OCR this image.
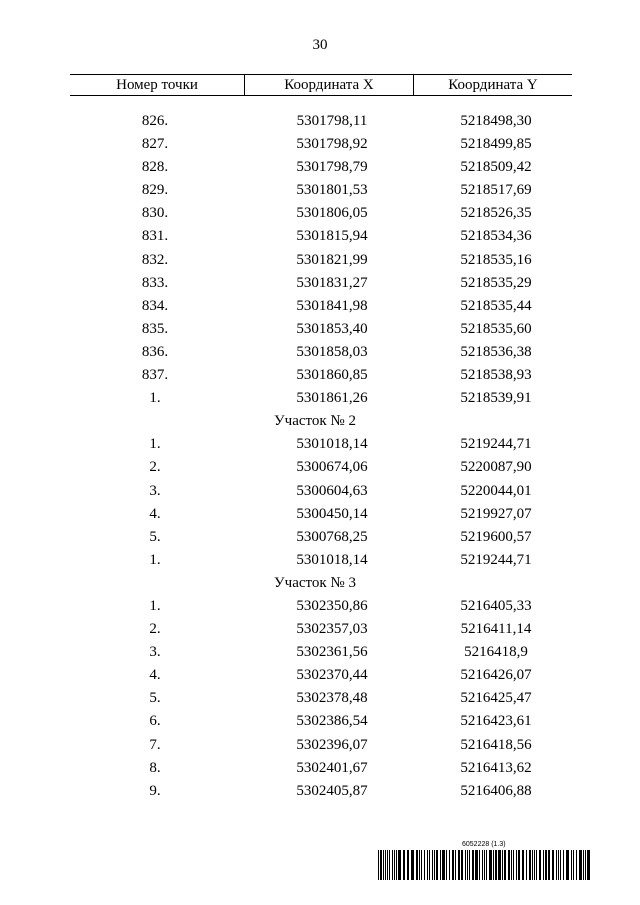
30
Номер точки	Координата X	Координата Y
826.	5301798,11	5218498,30
827.	5301798,92	5218499,85
828.	5301798,79	5218509,42
829.	5301801,53	5218517,69
830.	5301806,05	5218526,35
831.	5301815,94	5218534,36
832.	5301821,99	5218535,16
833.	5301831,27	5218535,29
834.	5301841,98	5218535,44
835.	5301853,40	5218535,60
836.	5301858,03	5218536,38
837.	5301860,85	5218538,93
1.	5301861,26	5218539,91
Участок № 2
1.	5301018,14	5219244,71
2.	5300674,06	5220087,90
3.	5300604,63	5220044,01
4.	5300450,14	5219927,07
5.	5300768,25	5219600,57
1.	5301018,14	5219244,71
Участок № 3
1.	5302350,86	5216405,33
2.	5302357,03	5216411,14
3.	5302361,56	5216418,9
4.	5302370,44	5216426,07
5.	5302378,48	5216425,47
6.	5302386,54	5216423,61
7.	5302396,07	5216418,56
8.	5302401,67	5216413,62
9.	5302405,87	5216406,88
6052228 (1.3)
